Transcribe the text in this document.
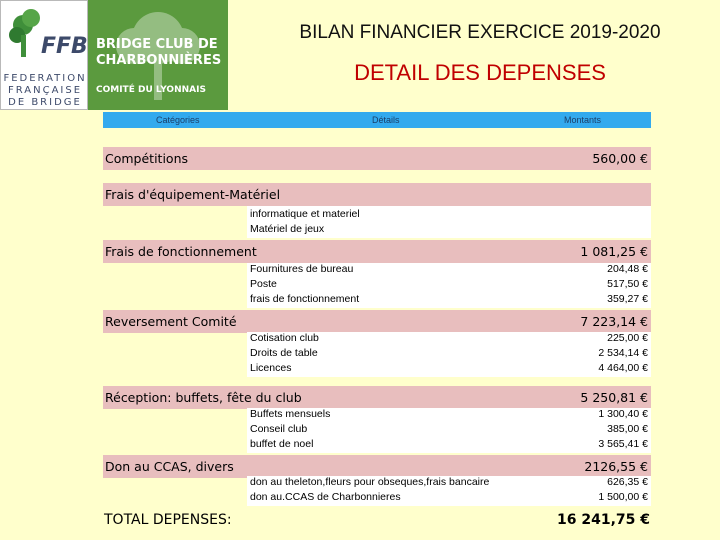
FFB
FEDERATION
FRANÇAISE
DE BRIDGE
BRIDGE CLUB DE
CHARBONNIÈRES
COMITÉ DU LYONNAIS
BILAN FINANCIER EXERCICE 2019-2020
DETAIL DES DEPENSES
Catégories	Détails	Montants
Compétitions	560,00 €
Frais d'équipement-Matériel
informatique et materiel
Matériel de jeux
Frais de fonctionnement	1 081,25 €
Fournitures de bureau	204,48 €
Poste	517,50 €
frais de fonctionnement	359,27 €
Reversement Comité	7 223,14 €
Cotisation club	225,00 €
Droits de table	2 534,14 €
Licences	4 464,00 €
Réception: buffets, fête du club	5 250,81 €
Buffets mensuels	1 300,40 €
Conseil club	385,00 €
buffet de noel	3 565,41 €
Don au CCAS, divers	2126,55 €
don au theleton,fleurs pour obseques,frais bancaire	626,35 €
don au.CCAS de Charbonnieres	1 500,00 €
TOTAL DEPENSES:	16 241,75 €
